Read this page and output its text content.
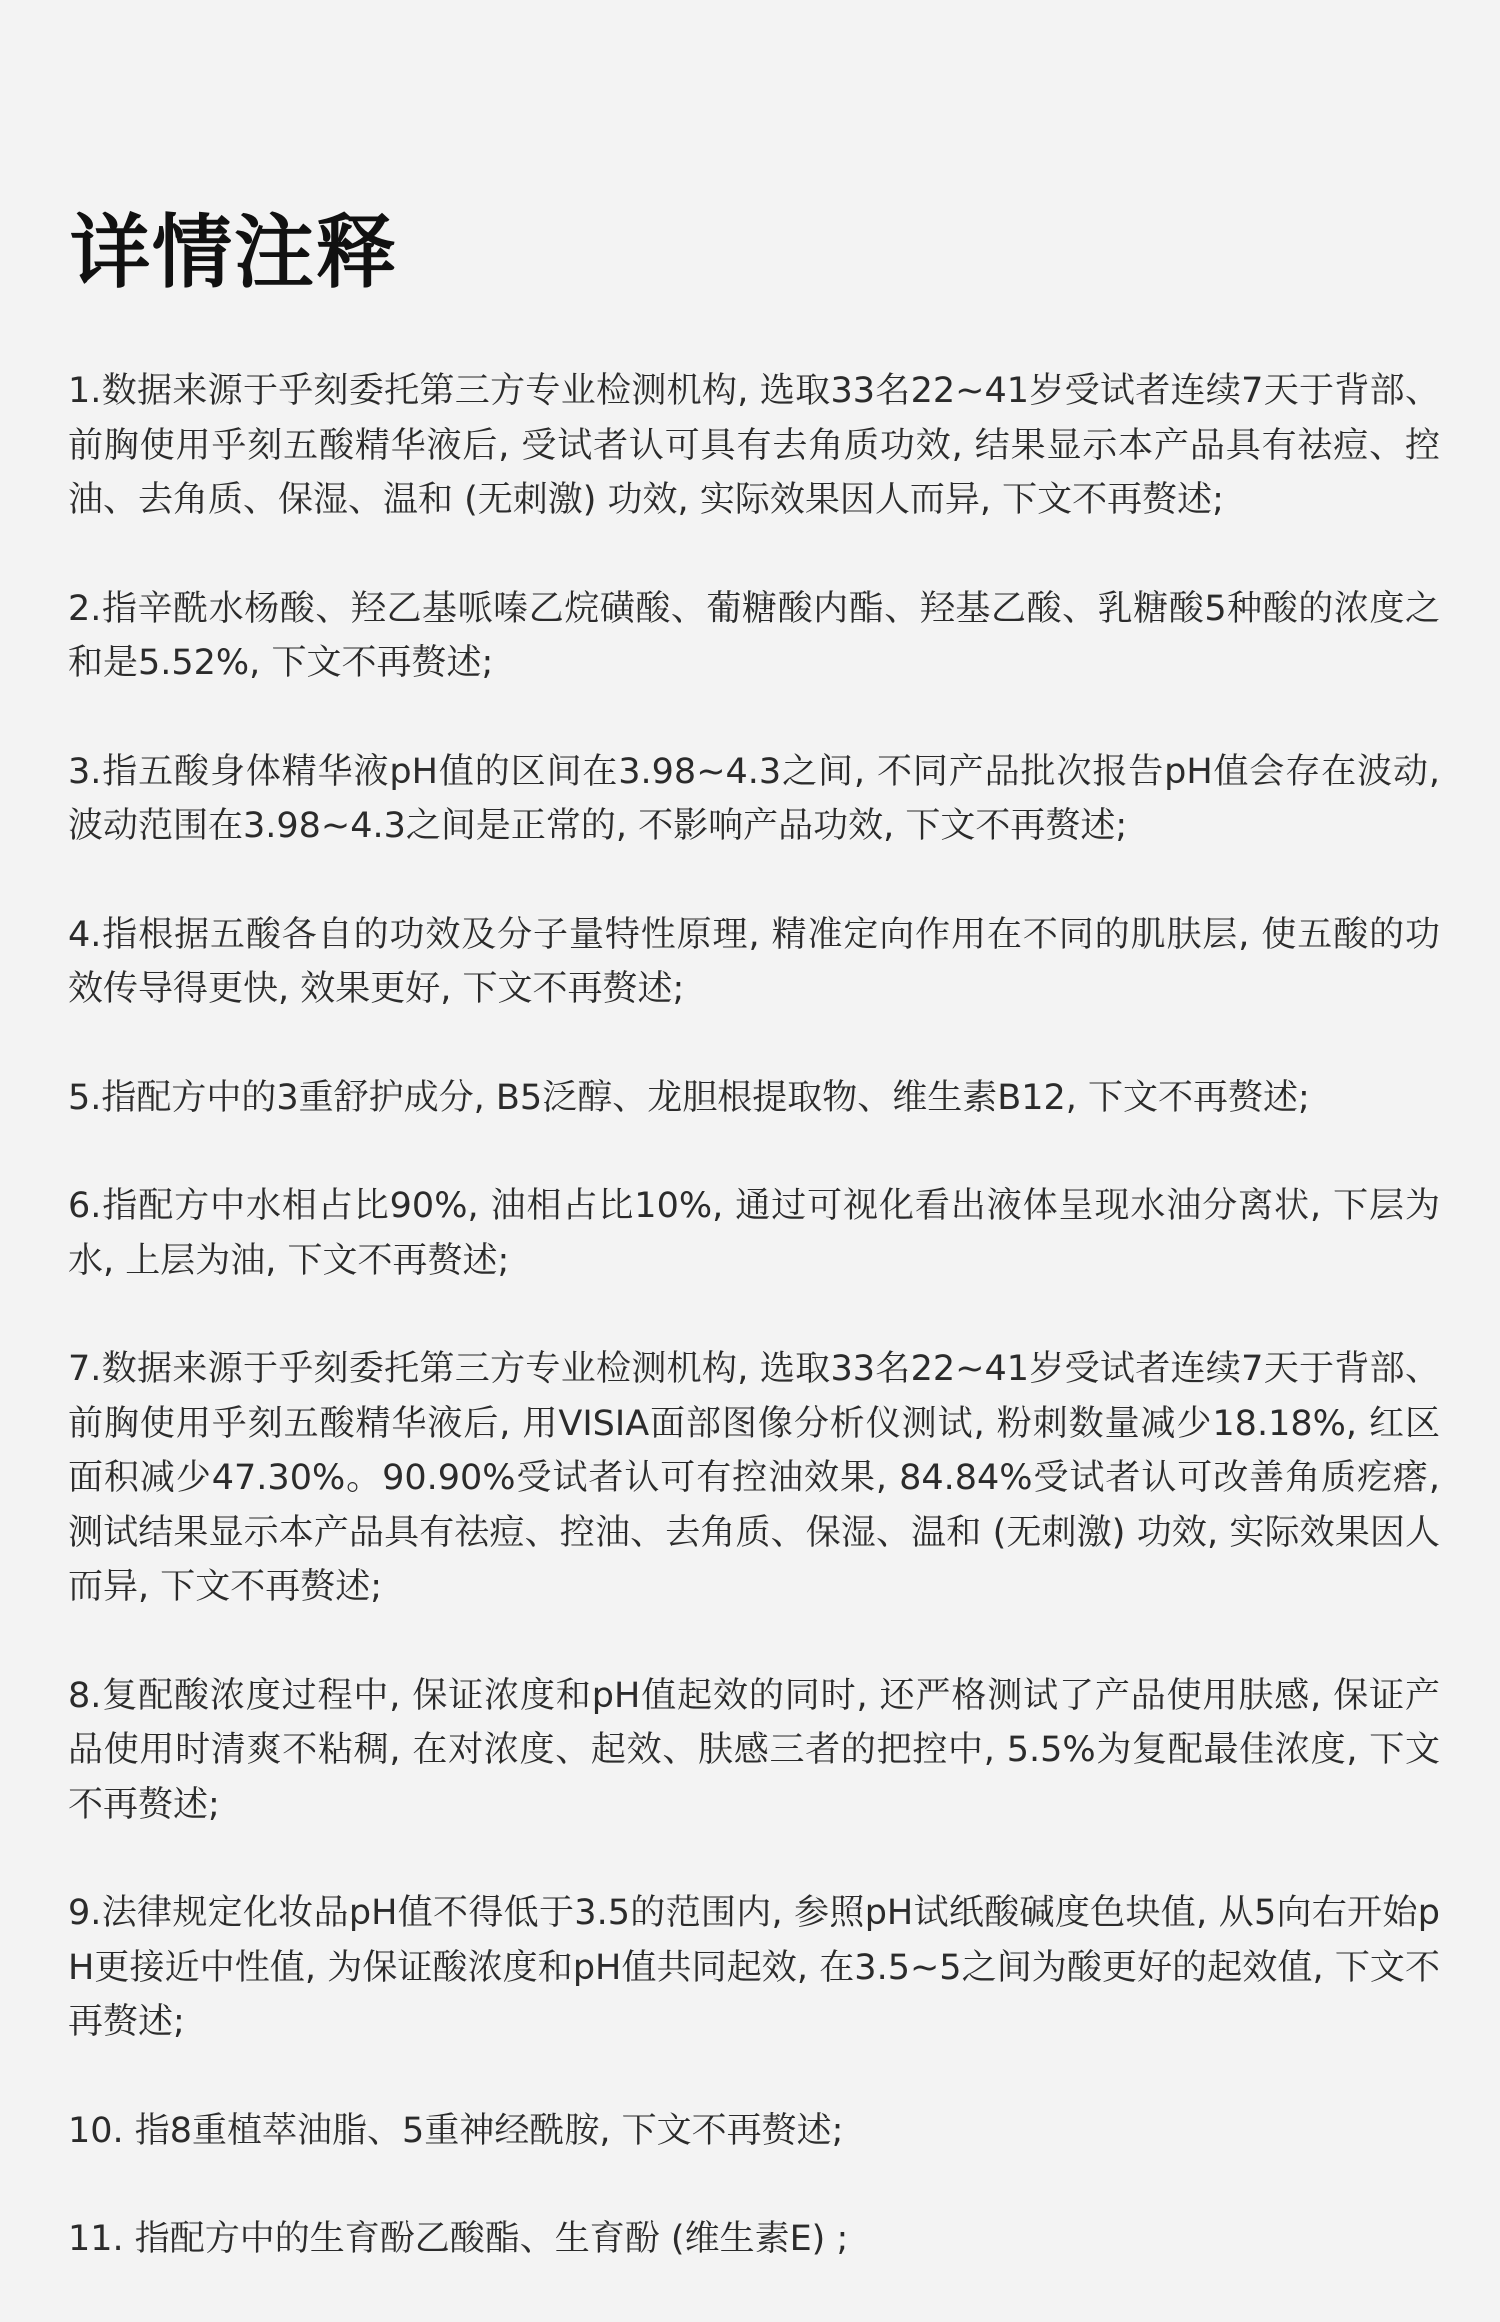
详情注释
1.数据来源于乎刻委托第三方专业检测机构, 选取33名22~41岁受试者连续7天于背部、前胸使用乎刻五酸精华液后, 受试者认可具有去角质功效, 结果显示本产品具有祛痘、控油、去角质、保湿、温和 (无刺激) 功效, 实际效果因人而异, 下文不再赘述;
2.指辛酰水杨酸、羟乙基哌嗪乙烷磺酸、葡糖酸内酯、羟基乙酸、乳糖酸5种酸的浓度之和是5.52%, 下文不再赘述;
3.指五酸身体精华液pH值的区间在3.98~4.3之间, 不同产品批次报告pH值会存在波动, 波动范围在3.98~4.3之间是正常的, 不影响产品功效, 下文不再赘述;
4.指根据五酸各自的功效及分子量特性原理, 精准定向作用在不同的肌肤层, 使五酸的功效传导得更快, 效果更好, 下文不再赘述;
5.指配方中的3重舒护成分, B5泛醇、龙胆根提取物、维生素B12, 下文不再赘述;
6.指配方中水相占比90%, 油相占比10%, 通过可视化看出液体呈现水油分离状, 下层为水, 上层为油, 下文不再赘述;
7.数据来源于乎刻委托第三方专业检测机构, 选取33名22~41岁受试者连续7天于背部、前胸使用乎刻五酸精华液后, 用VISIA面部图像分析仪测试, 粉刺数量减少18.18%, 红区面积减少47.30%。90.90%受试者认可有控油效果, 84.84%受试者认可改善角质疙瘩, 测试结果显示本产品具有祛痘、控油、去角质、保湿、温和 (无刺激) 功效, 实际效果因人而异, 下文不再赘述;
8.复配酸浓度过程中, 保证浓度和pH值起效的同时, 还严格测试了产品使用肤感, 保证产品使用时清爽不粘稠, 在对浓度、起效、肤感三者的把控中, 5.5%为复配最佳浓度, 下文不再赘述;
9.法律规定化妆品pH值不得低于3.5的范围内, 参照pH试纸酸碱度色块值, 从5向右开始pH更接近中性值, 为保证酸浓度和pH值共同起效, 在3.5~5之间为酸更好的起效值, 下文不再赘述;
10. 指8重植萃油脂、5重神经酰胺, 下文不再赘述;
11. 指配方中的生育酚乙酸酯、生育酚 (维生素E) ;
